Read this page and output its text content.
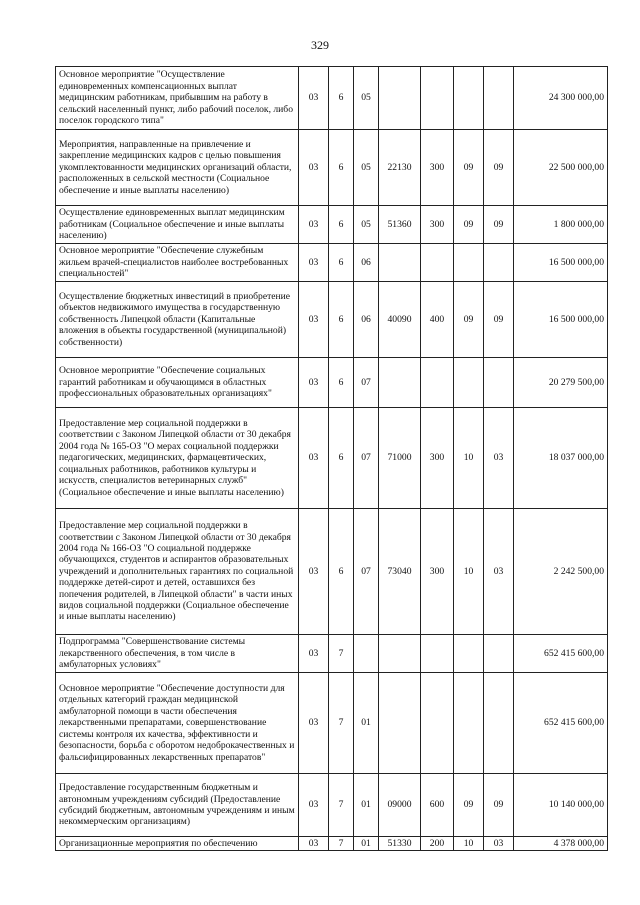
329
Основное мероприятие "Осуществление единовременных компенсационных выплат медицинским работникам, прибывшим на работу в сельский населенный пункт, либо рабочий поселок, либо поселок городского типа"	03	6	05					24 300 000,00
Мероприятия, направленные на привлечение и закрепление медицинских кадров с целью повышения укомплектованности медицинских организаций области, расположенных в сельской местности (Социальное обеспечение и иные выплаты населению)	03	6	05	22130	300	09	09	22 500 000,00
Осуществление единовременных выплат медицинским работникам (Социальное обеспечение и иные выплаты населению)	03	6	05	51360	300	09	09	1 800 000,00
Основное мероприятие "Обеспечение служебным жильем врачей-специалистов наиболее востребованных специальностей"	03	6	06					16 500 000,00
Осуществление бюджетных инвестиций в приобретение объектов недвижимого имущества в государственную собственность Липецкой области (Капитальные вложения в объекты государственной (муниципальной) собственности)	03	6	06	40090	400	09	09	16 500 000,00
Основное мероприятие "Обеспечение социальных гарантий работникам и обучающимся в областных профессиональных образовательных организациях"	03	6	07					20 279 500,00
Предоставление мер социальной поддержки в соответствии с Законом Липецкой области от 30 декабря 2004 года № 165-ОЗ "О мерах социальной поддержки педагогических, медицинских, фармацевтических, социальных работников, работников культуры и искусств, специалистов ветеринарных служб" (Социальное обеспечение и иные выплаты населению)	03	6	07	71000	300	10	03	18 037 000,00
Предоставление мер социальной поддержки в соответствии с Законом Липецкой области от 30 декабря 2004 года № 166-ОЗ "О социальной поддержке обучающихся, студентов и аспирантов образовательных учреждений и дополнительных гарантиях по социальной поддержке детей-сирот и детей, оставшихся без попечения родителей, в Липецкой области" в части иных видов социальной поддержки (Социальное обеспечение и иные выплаты населению)	03	6	07	73040	300	10	03	2 242 500,00
Подпрограмма "Совершенствование системы лекарственного обеспечения, в том числе в амбулаторных условиях"	03	7						652 415 600,00
Основное мероприятие "Обеспечение доступности для отдельных категорий граждан медицинской амбулаторной помощи в части обеспечения лекарственными препаратами, совершенствование системы контроля их качества, эффективности и безопасности, борьба с оборотом недоброкачественных и фальсифицированных лекарственных препаратов"	03	7	01					652 415 600,00
Предоставление государственным бюджетным и автономным учреждениям субсидий (Предоставление субсидий бюджетным, автономным учреждениям и иным некоммерческим организациям)	03	7	01	09000	600	09	09	10 140 000,00
Организационные мероприятия по обеспечению	03	7	01	51330	200	10	03	4 378 000,00
